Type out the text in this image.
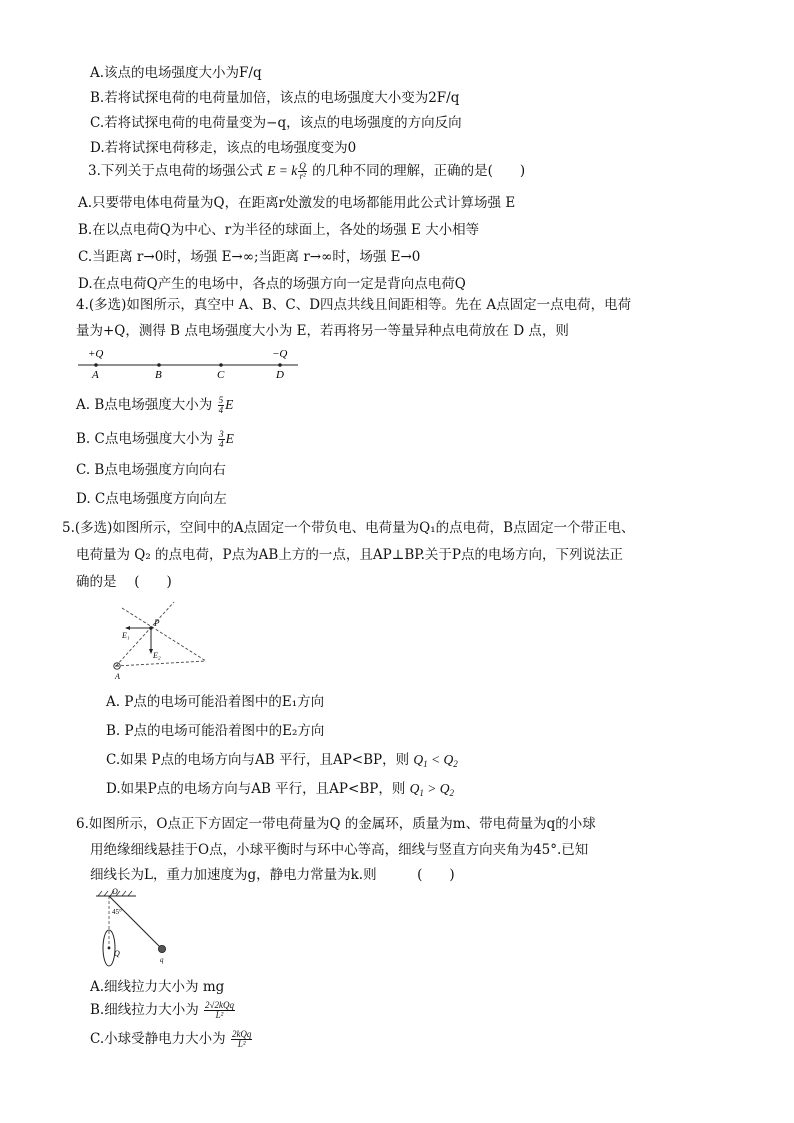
A.该点的电场强度大小为F/q
B.若将试探电荷的电荷量加倍，该点的电场强度大小变为2F/q
C.若将试探电荷的电荷量变为−q，该点的电场强度的方向反向
D.若将试探电荷移走，该点的电场强度变为0
3.下列关于点电荷的场强公式 E = k $\frac{Q}{\text{r²}}$ 的几种不同的理解，正确的是(　　)
A.只要带电体电荷量为Q，在距离r处激发的电场都能用此公式计算场强 E
B.在以点电荷Q为中心、r为半径的球面上，各处的场强 E 大小相等
C.当距离 r→0时，场强 E→∞;当距离 r→∞时，场强 E→0
D.在点电荷Q产生的电场中，各点的场强方向一定是背向点电荷Q
4.(多选)如图所示，真空中 A、B、C、D四点共线且间距相等。先在 A点固定一点电荷，电荷
量为+Q，测得 B 点电场强度大小为 E，若再将另一等量异种点电荷放在 D 点，则
+Q	−Q
A	B	C	D
A. B点电场强度大小为 $\frac{5}{4}$ E
B. C点电场强度大小为 $\frac{3}{4}$ E
C. B点电场强度方向向右
D. C点电场强度方向向左
5.(多选)如图所示，空间中的A点固定一个带负电、电荷量为Q₁的点电荷，B点固定一个带正电、
电荷量为 Q₂ 的点电荷，P点为AB上方的一点，且AP⊥BP.关于P点的电场方向，下列说法正
确的是　 (　　)
P
E₁
E₂
A
A. P点的电场可能沿着图中的E₁方向
B. P点的电场可能沿着图中的E₂方向
C.如果 P点的电场方向与AB 平行，且AP<BP，则 $Q_1 < Q_2$
D.如果P点的电场方向与AB 平行，且AP<BP，则 $Q_1 > Q_2$
6.如图所示，O点正下方固定一带电荷量为Q 的金属环，质量为m、带电荷量为q的小球
用绝缘细线悬挂于O点，小球平衡时与环中心等高，细线与竖直方向夹角为45°.已知
细线长为L，重力加速度为g，静电力常量为k.则　　　(　　)
O
45°
Q
q
A.细线拉力大小为 mg
B.细线拉力大小为 $\frac{\text{2√2kQq}}{\text{L²}}$
C.小球受静电力大小为 $\frac{\text{2kQq}}{\text{L²}}$
